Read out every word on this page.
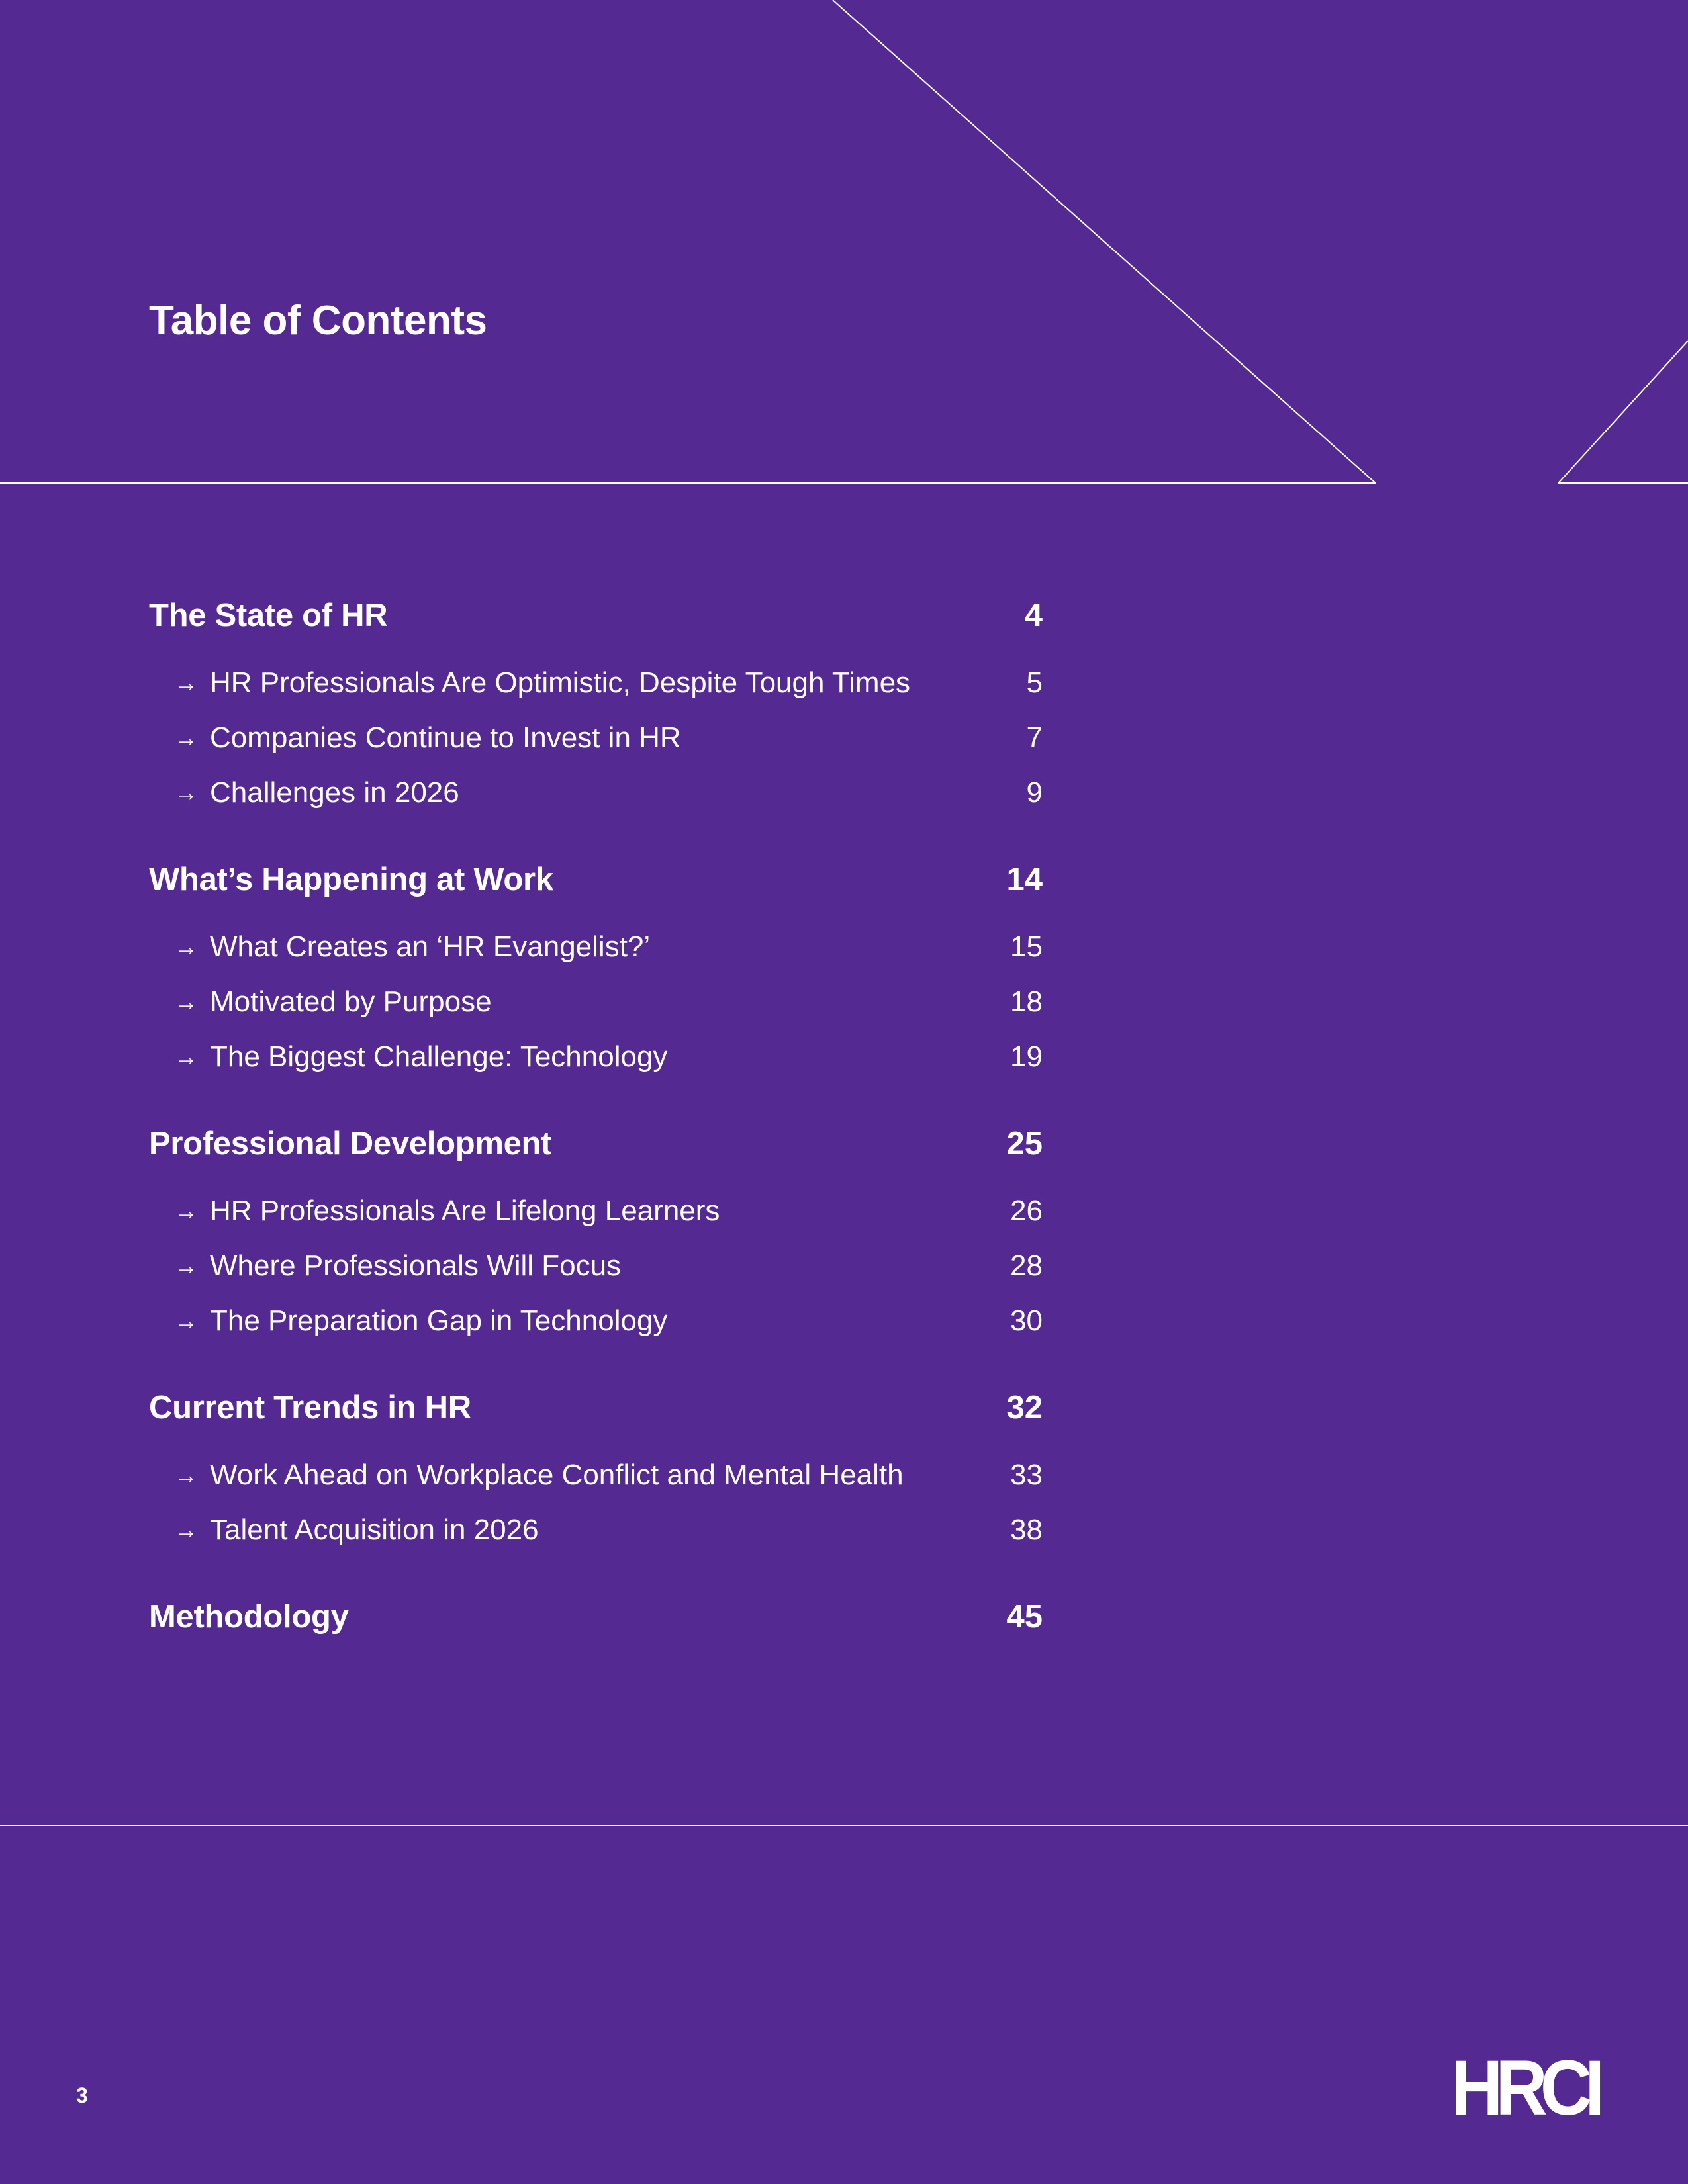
Table of Contents
The State of HR	4
→ HR Professionals Are Optimistic, Despite Tough Times	5
→ Companies Continue to Invest in HR	7
→ Challenges in 2026	9
What’s Happening at Work	14
→ What Creates an ‘HR Evangelist?’	15
→ Motivated by Purpose	18
→ The Biggest Challenge: Technology	19
Professional Development	25
→ HR Professionals Are Lifelong Learners	26
→ Where Professionals Will Focus	28
→ The Preparation Gap in Technology	30
Current Trends in HR	32
→ Work Ahead on Workplace Conflict and Mental Health	33
→ Talent Acquisition in 2026	38
Methodology	45
3	HRCI
